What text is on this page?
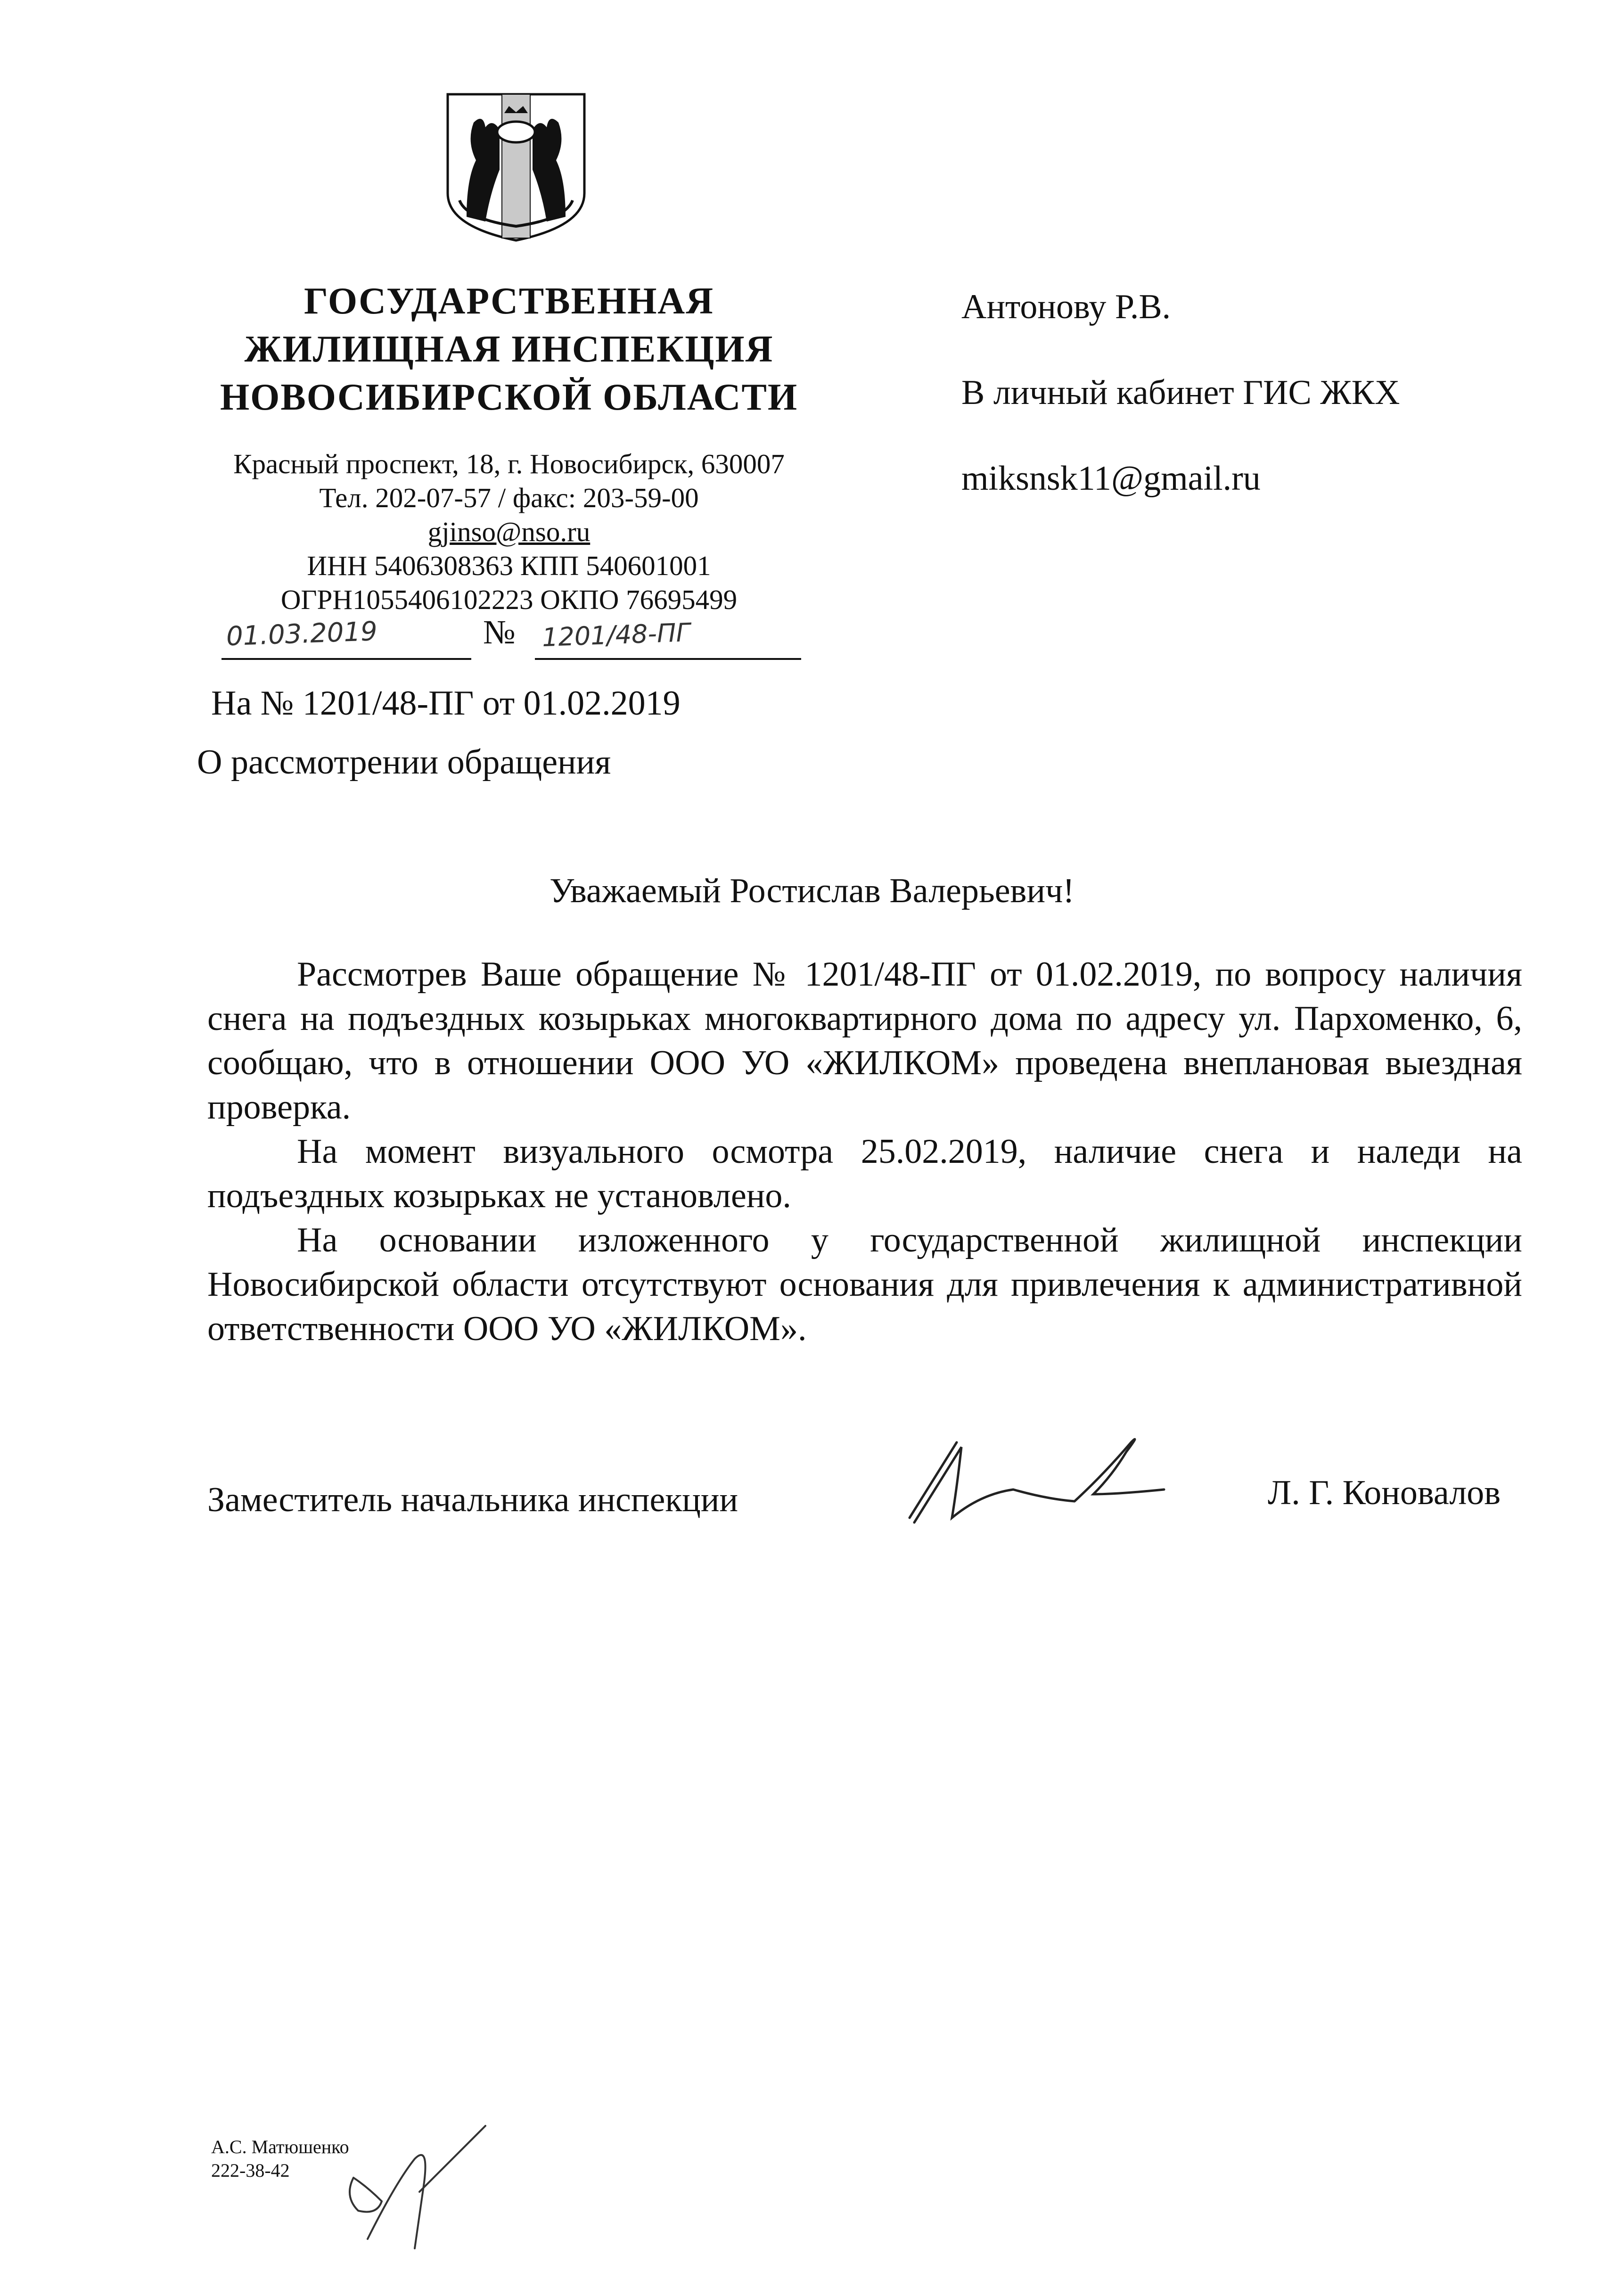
ГОСУДАРСТВЕННАЯ
ЖИЛИЩНАЯ ИНСПЕКЦИЯ
НОВОСИБИРСКОЙ ОБЛАСТИ
Красный проспект, 18, г. Новосибирск, 630007
Тел. 202-07-57 / факс: 203-59-00
gjinso@nso.ru
ИНН 5406308363 КПП 540601001
ОГРН1055406102223 ОКПО 76695499
01.03.2019	№ 1201/48-ПГ
На № 1201/48-ПГ от 01.02.2019
О рассмотрении обращения
Антонову Р.В.
В личный кабинет ГИС ЖКХ
miksnsk11@gmail.ru
Уважаемый Ростислав Валерьевич!

Рассмотрев Ваше обращение № 1201/48-ПГ от 01.02.2019, по вопросу наличия снега на подъездных козырьках многоквартирного дома по адресу ул. Пархоменко, 6, сообщаю, что в отношении ООО УО «ЖИЛКОМ» проведена внеплановая выездная проверка.

На момент визуального осмотра 25.02.2019, наличие снега и наледи на подъездных козырьках не установлено.

На основании изложенного у государственной жилищной инспекции Новосибирской области отсутствуют основания для привлечения к административной ответственности ООО УО «ЖИЛКОМ».

Заместитель начальника инспекции	Л. Г. Коновалов
А.С. Матюшенко
222-38-42
